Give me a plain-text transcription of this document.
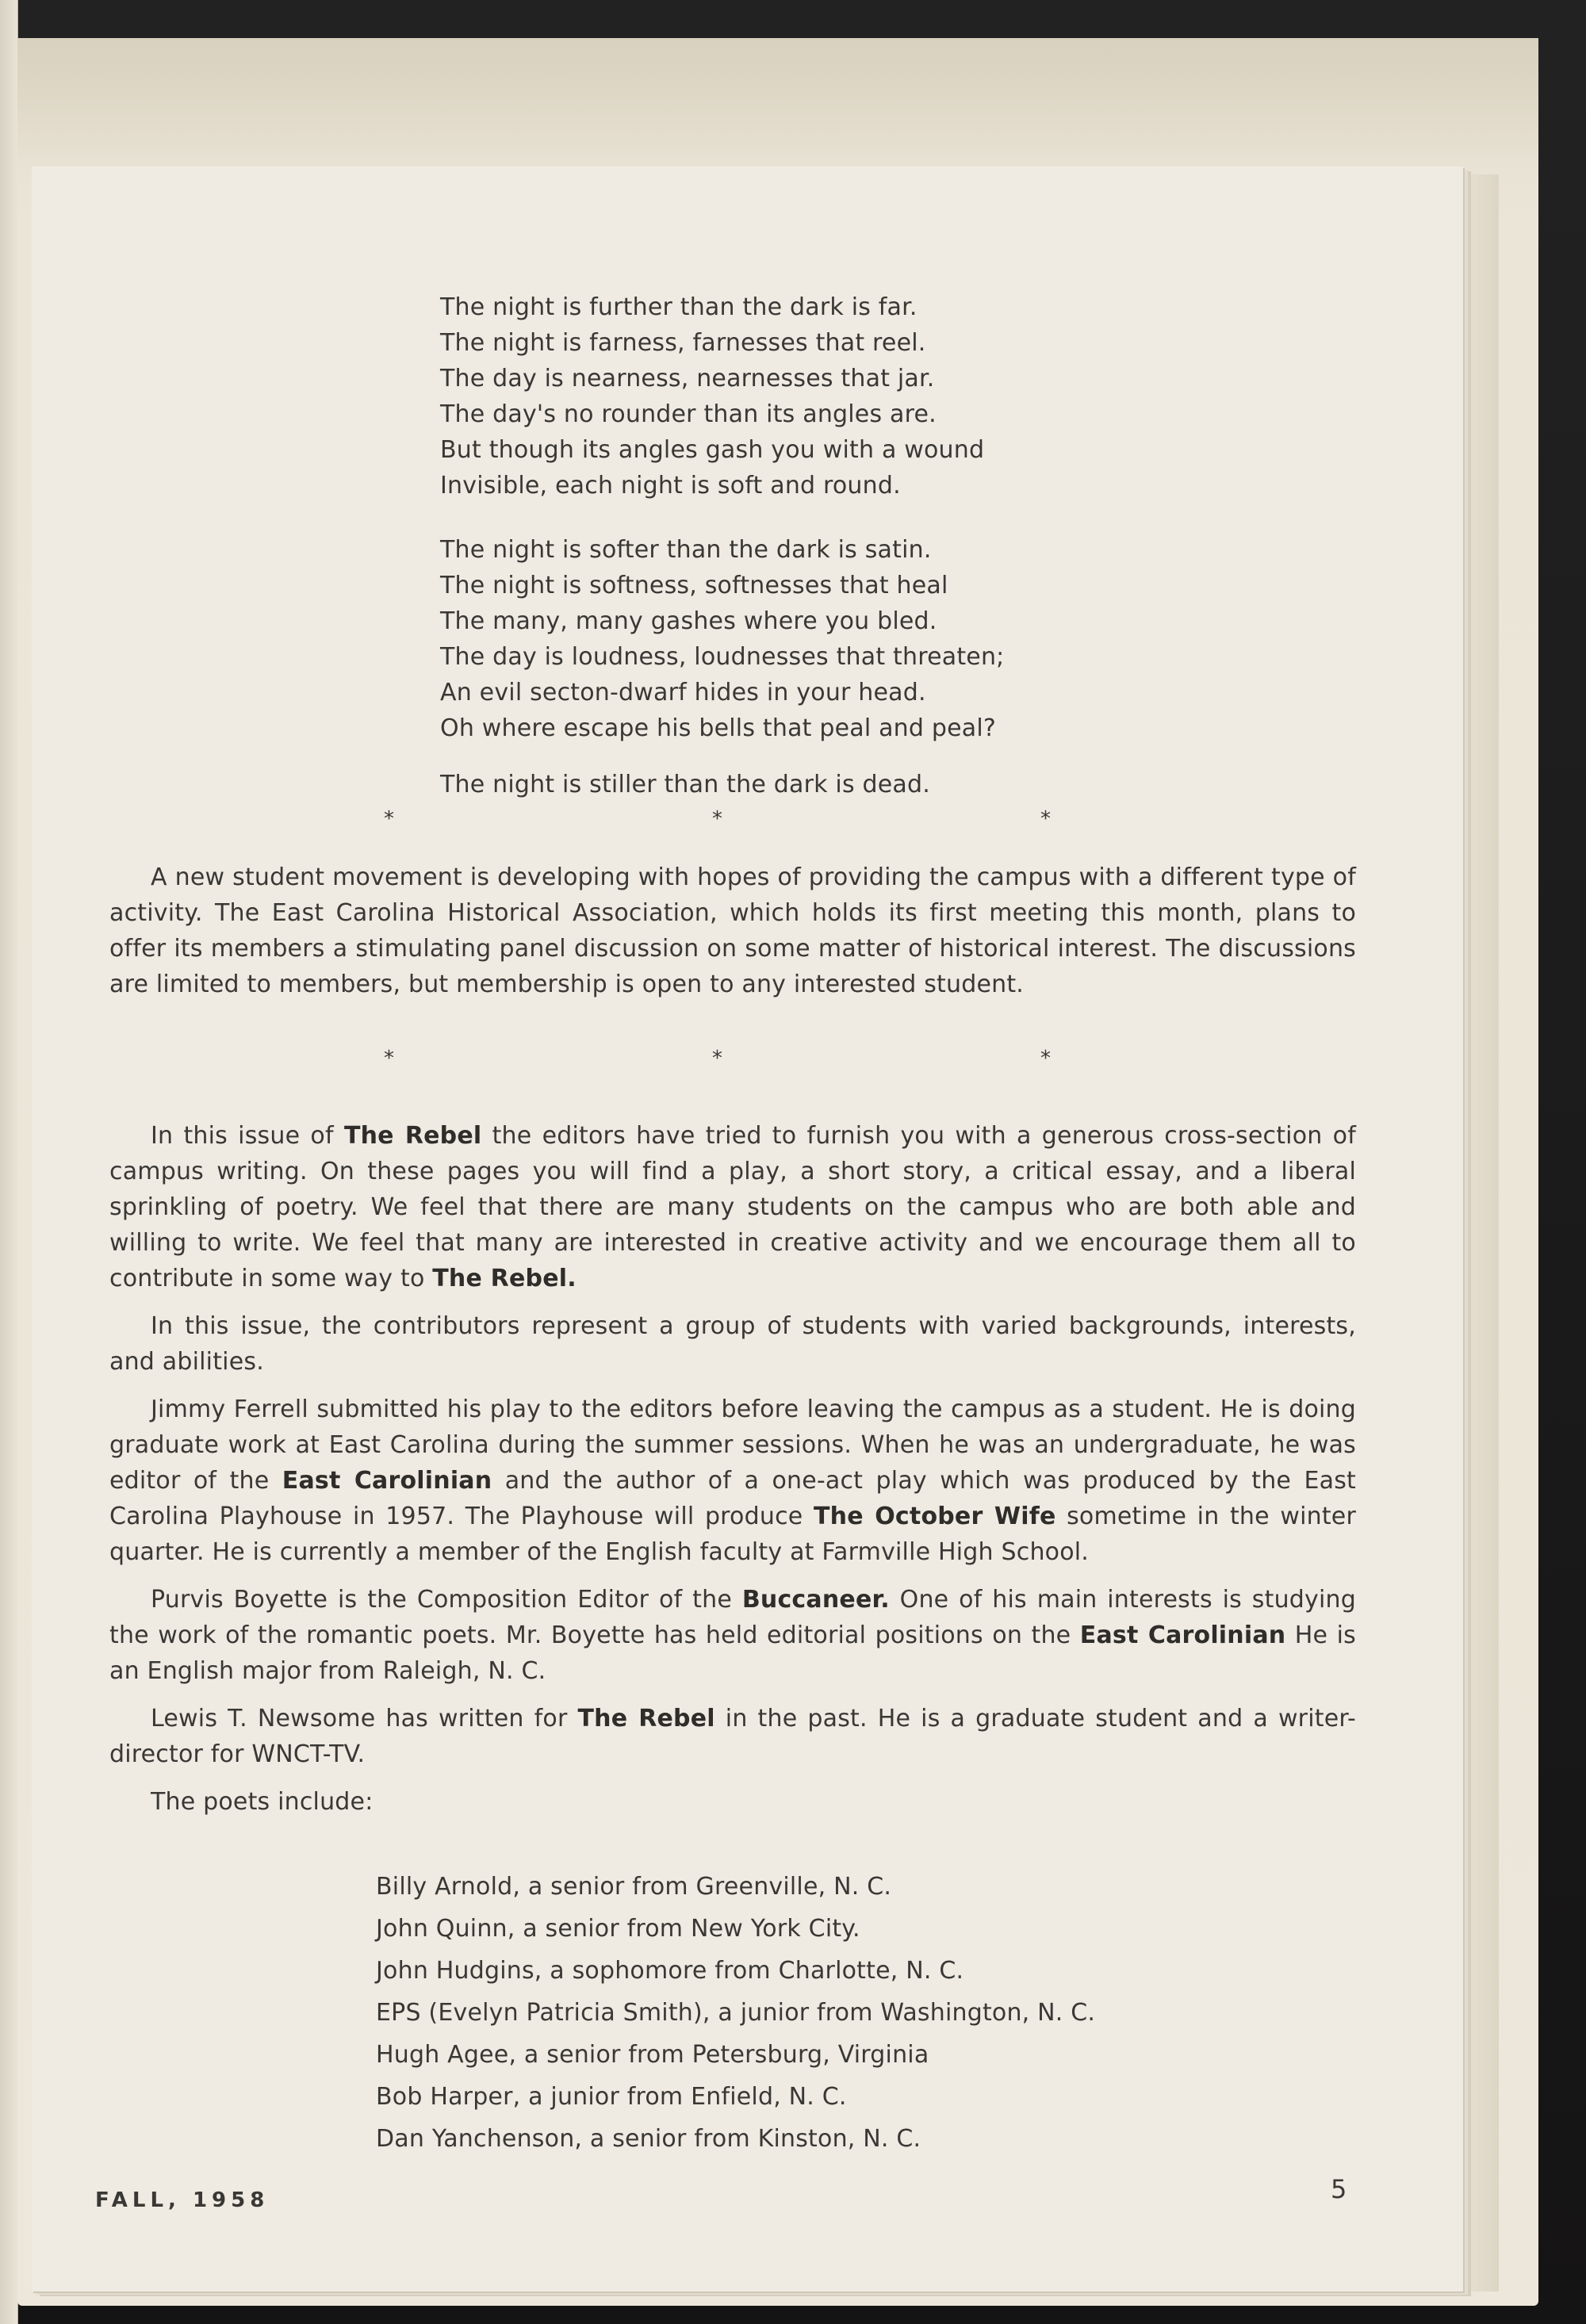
The night is further than the dark is far.
The night is farness, farnesses that reel.
The day is nearness, nearnesses that jar.
The day's no rounder than its angles are.
But though its angles gash you with a wound
Invisible, each night is soft and round.
The night is softer than the dark is satin.
The night is softness, softnesses that heal
The many, many gashes where you bled.
The day is loudness, loudnesses that threaten;
An evil secton-dwarf hides in your head.
Oh where escape his bells that peal and peal?
The night is stiller than the dark is dead.
*	*	*

A new student movement is developing with hopes of providing the campus with a different type of activity. The East Carolina Historical Association, which holds its first meeting this month, plans to offer its members a stimulating panel discussion on some matter of historical interest. The discussions are limited to members, but membership is open to any interested student.

*	*	*

In this issue of The Rebel the editors have tried to furnish you with a generous cross-section of campus writing. On these pages you will find a play, a short story, a critical essay, and a liberal sprinkling of poetry. We feel that there are many students on the campus who are both able and willing to write. We feel that many are interested in creative activity and we encourage them all to contribute in some way to The Rebel.

In this issue, the contributors represent a group of students with varied backgrounds, interests, and abilities.

Jimmy Ferrell submitted his play to the editors before leaving the campus as a student. He is doing graduate work at East Carolina during the summer sessions. When he was an undergraduate, he was editor of the East Carolinian and the author of a one-act play which was produced by the East Carolina Playhouse in 1957. The Playhouse will produce The October Wife sometime in the winter quarter. He is currently a member of the English faculty at Farmville High School.

Purvis Boyette is the Composition Editor of the Buccaneer. One of his main interests is studying the work of the romantic poets. Mr. Boyette has held editorial positions on the East Carolinian He is an English major from Raleigh, N. C.

Lewis T. Newsome has written for The Rebel in the past. He is a graduate student and a writer-director for WNCT-TV.

The poets include:

Billy Arnold, a senior from Greenville, N. C.
John Quinn, a senior from New York City.
John Hudgins, a sophomore from Charlotte, N. C.
EPS (Evelyn Patricia Smith), a junior from Washington, N. C.
Hugh Agee, a senior from Petersburg, Virginia
Bob Harper, a junior from Enfield, N. C.
Dan Yanchenson, a senior from Kinston, N. C.
FALL, 1958	5
